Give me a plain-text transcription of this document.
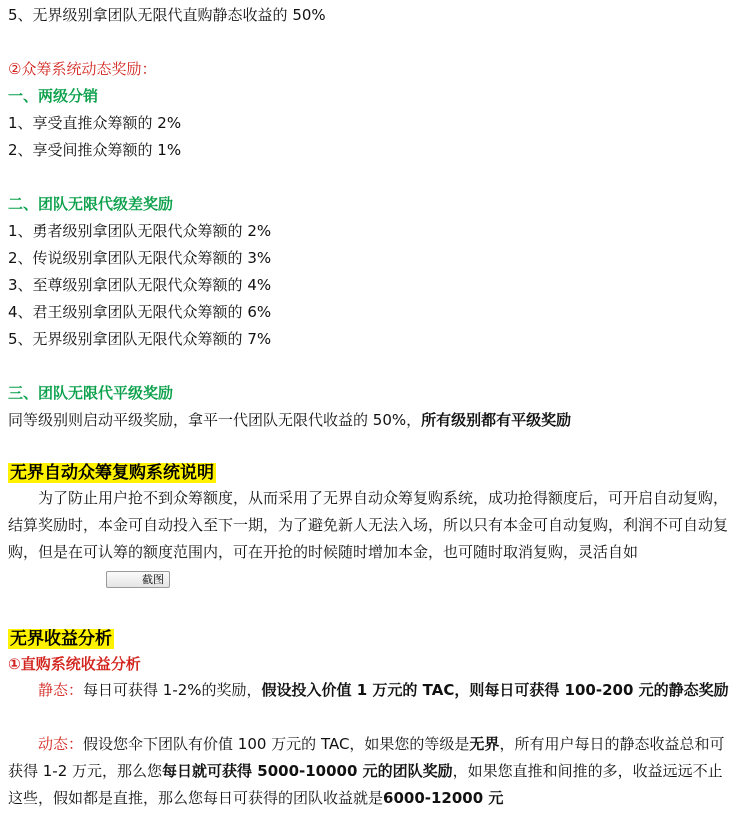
5、无界级别拿团队无限代直购静态收益的 50%
②众筹系统动态奖励：
一、两级分销
1、享受直推众筹额的 2%
2、享受间推众筹额的 1%
二、团队无限代级差奖励
1、勇者级别拿团队无限代众筹额的 2%
2、传说级别拿团队无限代众筹额的 3%
3、至尊级别拿团队无限代众筹额的 4%
4、君王级别拿团队无限代众筹额的 6%
5、无界级别拿团队无限代众筹额的 7%
三、团队无限代平级奖励
同等级别则启动平级奖励，拿平一代团队无限代收益的 50%，所有级别都有平级奖励
无界自动众筹复购系统说明
为了防止用户抢不到众筹额度，从而采用了无界自动众筹复购系统，成功抢得额度后，可开启自动复购，结算奖励时，本金可自动投入至下一期，为了避免新人无法入场，所以只有本金可自动复购，利润不可自动复购，但是在可认筹的额度范围内，可在开抢的时候随时增加本金，也可随时取消复购，灵活自如截图
无界收益分析
①直购系统收益分析
静态：每日可获得 1-2%的奖励，假设投入价值 1 万元的 TAC，则每日可获得 100-200 元的静态奖励
动态：假设您伞下团队有价值 100 万元的 TAC，如果您的等级是无界，所有用户每日的静态收益总和可获得 1-2 万元，那么您每日就可获得 5000-10000 元的团队奖励，如果您直推和间推的多，收益远远不止这些，假如都是直推，那么您每日可获得的团队收益就是6000-12000 元
